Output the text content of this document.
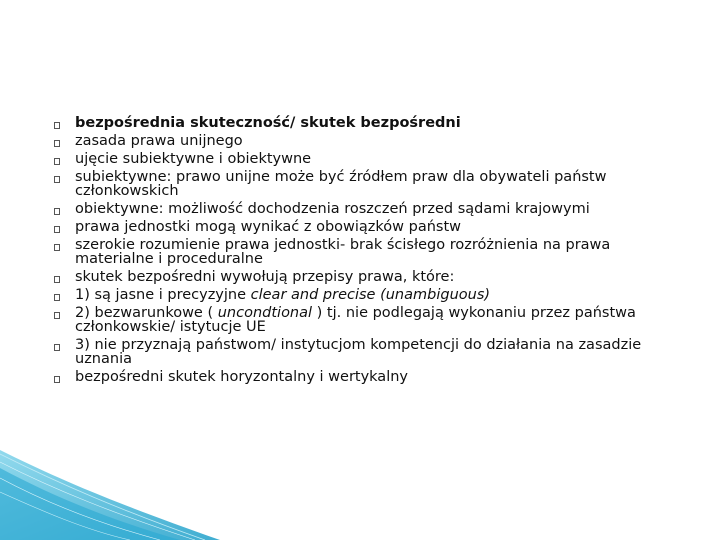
bezpośrednia skuteczność/ skutek bezpośredni
zasada prawa unijnego
ujęcie subiektywne i obiektywne
subiektywne: prawo unijne może być źródłem praw dla obywateli państw członkowskich
obiektywne: możliwość dochodzenia roszczeń przed sądami krajowymi
prawa jednostki mogą wynikać z obowiązków państw
szerokie rozumienie prawa jednostki- brak ścisłego rozróżnienia na prawa materialne i proceduralne
skutek bezpośredni wywołują przepisy prawa, które:
1) są jasne i precyzyjne clear and precise (unambiguous)
2) bezwarunkowe ( uncondtional ) tj. nie podlegają wykonaniu przez państwa członkowskie/ istytucje UE
3) nie przyznają państwom/ instytucjom kompetencji do działania na zasadzie uznania
bezpośredni skutek horyzontalny i wertykalny
